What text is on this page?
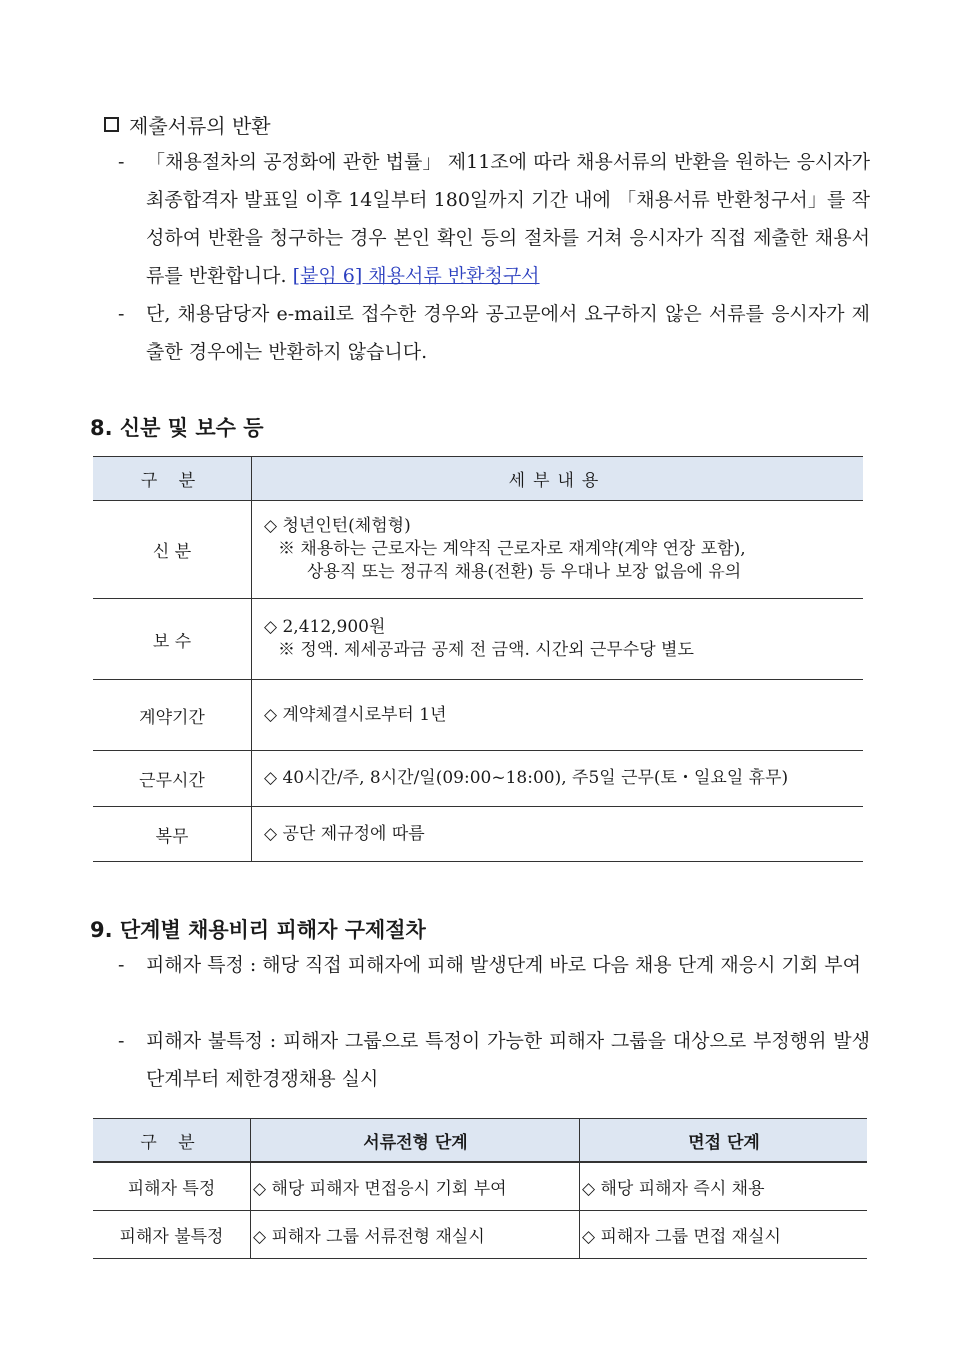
제출서류의 반환
-	「채용절차의 공정화에 관한 법률」 제11조에 따라 채용서류의 반환을 원하는 응시자가 최종합격자 발표일 이후 14일부터 180일까지 기간 내에 「채용서류 반환청구서」를 작성하여 반환을 청구하는 경우 본인 확인 등의 절차를 거쳐 응시자가 직접 제출한 채용서류를 반환합니다. [붙임 6] 채용서류 반환청구서
-	단, 채용담당자 e-mail로 접수한 경우와 공고문에서 요구하지 않은 서류를 응시자가 제출한 경우에는 반환하지 않습니다.
8. 신분 및 보수 등
구 분	세부내용
신 분	◇ 청년인턴(체험형)
※ 채용하는 근로자는 계약직 근로자로 재계약(계약 연장 포함),
상용직 또는 정규직 채용(전환) 등 우대나 보장 없음에 유의

보 수	◇ 2,412,900원
※ 정액. 제세공과금 공제 전 금액. 시간외 근무수당 별도

계약기간	◇ 계약체결시로부터 1년
근무시간	◇ 40시간/주, 8시간/일(09:00~18:00), 주5일 근무(토・일요일 휴무)
복무	◇ 공단 제규정에 따름
9. 단계별 채용비리 피해자 구제절차
-	피해자 특정 : 해당 직접 피해자에 피해 발생단계 바로 다음 채용 단계 재응시 기회 부여
-	피해자 불특정 : 피해자 그룹으로 특정이 가능한 피해자 그룹을 대상으로 부정행위 발생단계부터 제한경쟁채용 실시
구 분	서류전형 단계	면접 단계
피해자 특정	◇ 해당 피해자 면접응시 기회 부여	◇ 해당 피해자 즉시 채용
피해자 불특정	◇ 피해자 그룹 서류전형 재실시	◇ 피해자 그룹 면접 재실시
